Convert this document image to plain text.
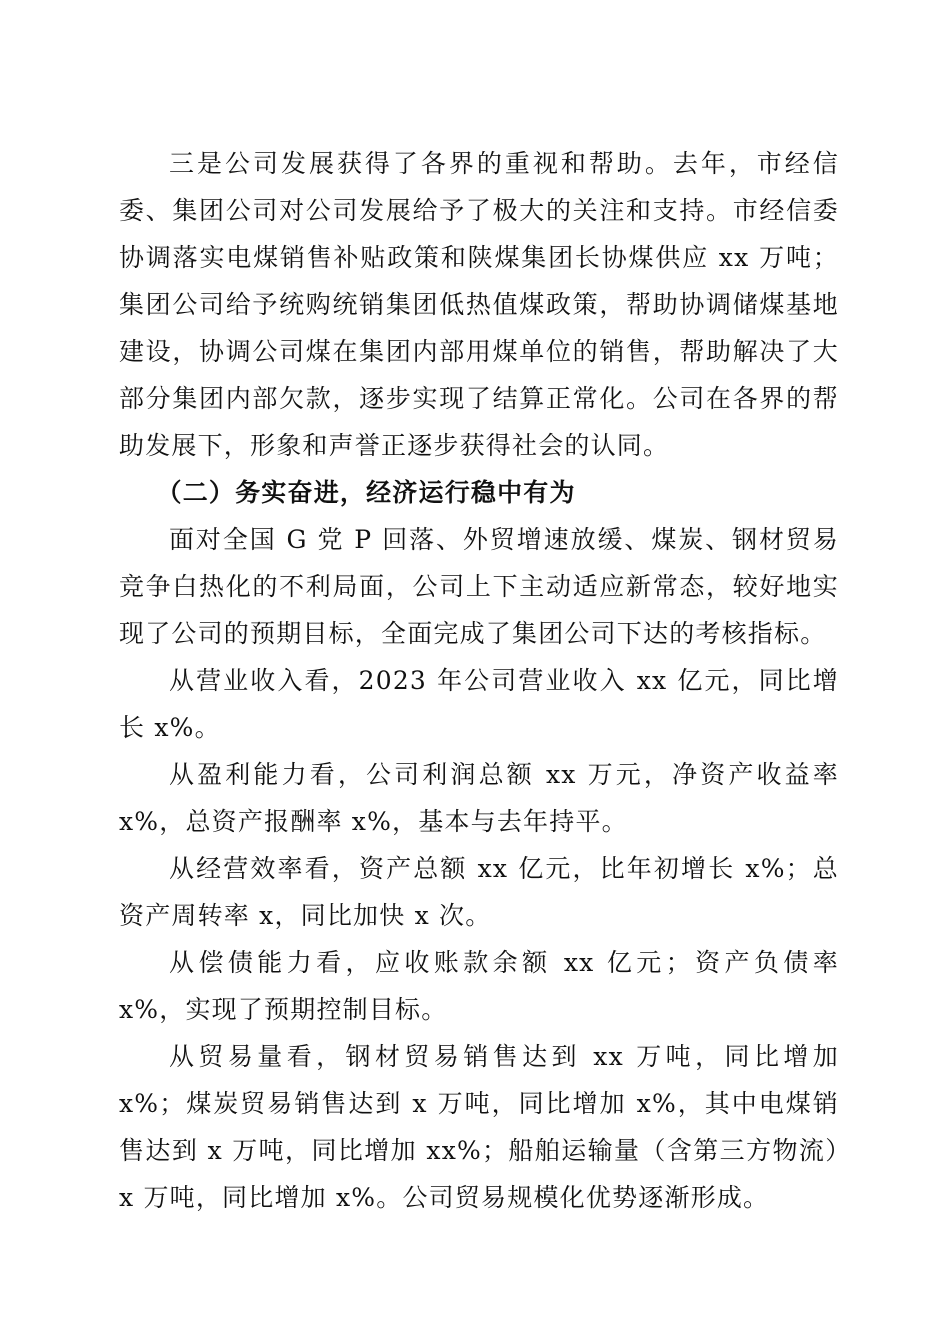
三是公司发展获得了各界的重视和帮助。去年，市经信委、集团公司对公司发展给予了极大的关注和支持。市经信委协调落实电煤销售补贴政策和陕煤集团长协煤供应 xx 万吨；集团公司给予统购统销集团低热值煤政策，帮助协调储煤基地建设，协调公司煤在集团内部用煤单位的销售，帮助解决了大部分集团内部欠款，逐步实现了结算正常化。公司在各界的帮助发展下，形象和声誉正逐步获得社会的认同。

（二）务实奋进，经济运行稳中有为

面对全国 G 党 P 回落、外贸增速放缓、煤炭、钢材贸易竞争白热化的不利局面，公司上下主动适应新常态，较好地实现了公司的预期目标，全面完成了集团公司下达的考核指标。

从营业收入看，2023 年公司营业收入 xx 亿元，同比增长 x%。

从盈利能力看，公司利润总额 xx 万元，净资产收益率 x%，总资产报酬率 x%，基本与去年持平。

从经营效率看，资产总额 xx 亿元，比年初增长 x%；总资产周转率 x，同比加快 x 次。

从偿债能力看，应收账款余额 xx 亿元；资产负债率 x%，实现了预期控制目标。

从贸易量看，钢材贸易销售达到 xx 万吨，同比增加 x%；煤炭贸易销售达到 x 万吨，同比增加 x%，其中电煤销售达到 x 万吨，同比增加 xx%；船舶运输量（含第三方物流）x 万吨，同比增加 x%。公司贸易规模化优势逐渐形成。
